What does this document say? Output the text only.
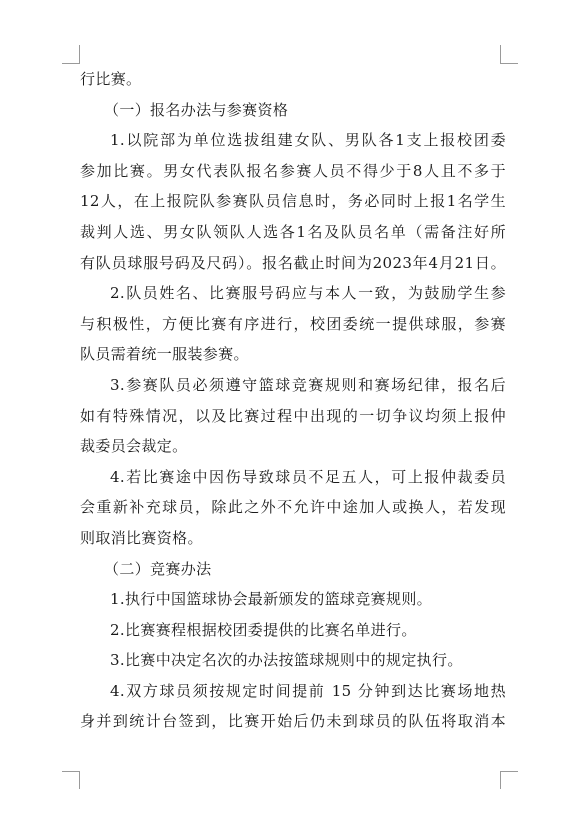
行比赛。
（一）报名办法与参赛资格
1.以院部为单位选拔组建女队、男队各1支上报校团委
参加比赛。男女代表队报名参赛人员不得少于8人且不多于
12人，在上报院队参赛队员信息时，务必同时上报1名学生
裁判人选、男女队领队人选各1名及队员名单（需备注好所
有队员球服号码及尺码）。报名截止时间为2023年4月21日。
2.队员姓名、比赛服号码应与本人一致，为鼓励学生参
与积极性，方便比赛有序进行，校团委统一提供球服，参赛
队员需着统一服装参赛。
3.参赛队员必须遵守篮球竞赛规则和赛场纪律，报名后
如有特殊情况，以及比赛过程中出现的一切争议均须上报仲
裁委员会裁定。
4.若比赛途中因伤导致球员不足五人，可上报仲裁委员
会重新补充球员，除此之外不允许中途加人或换人，若发现
则取消比赛资格。
（二）竞赛办法
1.执行中国篮球协会最新颁发的篮球竞赛规则。
2.比赛赛程根据校团委提供的比赛名单进行。
3.比赛中决定名次的办法按篮球规则中的规定执行。
4.双方球员须按规定时间提前 15 分钟到达比赛场地热
身并到统计台签到，比赛开始后仍未到球员的队伍将取消本
